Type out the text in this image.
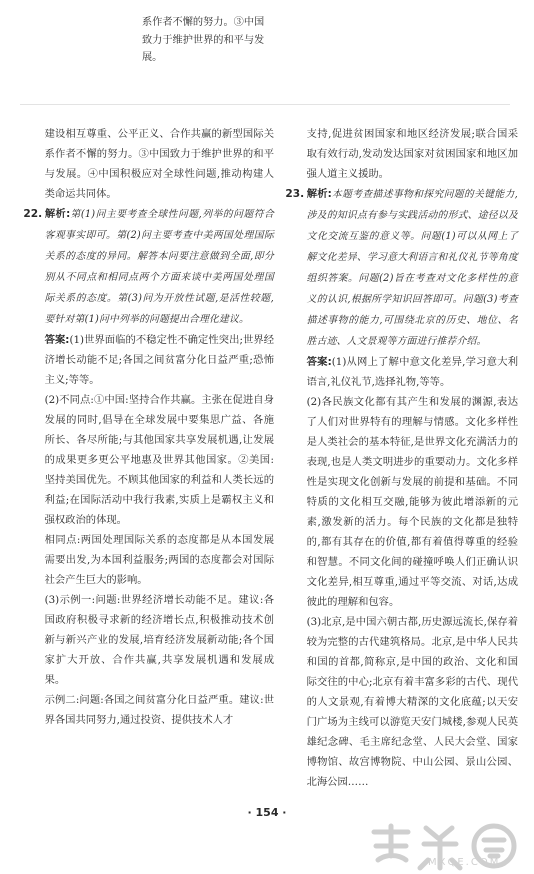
系作者不懈的努力。③中国致力于维护世界的和平与发展。

建设相互尊重、公平正义、合作共赢的新型国际关系作者不懈的努力。③中国致力于维护世界的和平与发展。④中国积极应对全球性问题,推动构建人类命运共同体。

22. 解析:第(1)问主要考查全球性问题,列举的问题符合客观事实即可。第(2)问主要考查中美两国处理国际关系的态度的异同。解答本问要注意做到全面,即分别从不同点和相同点两个方面来谈中美两国处理国际关系的态度。第(3)问为开放性试题,是活性较题,要针对第(1)问中列举的问题提出合理化建议。

答案:(1)世界面临的不稳定性不确定性突出;世界经济增长动能不足;各国之间贫富分化日益严重;恐怖主义;等等。

(2)不同点:①中国:坚持合作共赢。主张在促进自身发展的同时,倡导在全球发展中要集思广益、各施所长、各尽所能;与其他国家共享发展机遇,让发展的成果更多更公平地惠及世界其他国家。②美国:坚持美国优先。不顾其他国家的利益和人类长远的利益;在国际活动中我行我素,实质上是霸权主义和强权政治的体现。

相同点:两国处理国际关系的态度都是从本国发展需要出发,为本国利益服务;两国的态度都会对国际社会产生巨大的影响。

(3)示例一:问题:世界经济增长动能不足。建议:各国政府积极寻求新的经济增长点,积极推动技术创新与新兴产业的发展,培育经济发展新动能;各个国家扩大开放、合作共赢,共享发展机遇和发展成果。

示例二:问题:各国之间贫富分化日益严重。建议:世界各国共同努力,通过投资、提供技术人才

支持,促进贫困国家和地区经济发展;联合国采取有效行动,发动发达国家对贫困国家和地区加强人道主义援助。

23. 解析:本题考查描述事物和探究问题的关键能力,涉及的知识点有参与实践活动的形式、途径以及文化交流互鉴的意义等。问题(1)可以从网上了解文化差异、学习意大利语言和礼仪礼节等角度组织答案。问题(2)旨在考查对文化多样性的意义的认识,根据所学知识回答即可。问题(3)考查描述事物的能力,可围绕北京的历史、地位、名胜古迹、人文景观等方面进行推荐介绍。

答案:(1)从网上了解中意文化差异,学习意大利语言,礼仪礼节,选择礼物,等等。

(2)各民族文化都有其产生和发展的渊源,表达了人们对世界特有的理解与情感。文化多样性是人类社会的基本特征,是世界文化充满活力的表现,也是人类文明进步的重要动力。文化多样性是实现文化创新与发展的前提和基础。不同特质的文化相互交融,能够为彼此增添新的元素,激发新的活力。每个民族的文化都是独特的,都有其存在的价值,都有着值得尊重的经验和智慧。不同文化间的碰撞呼唤人们正确认识文化差异,相互尊重,通过平等交流、对话,达成彼此的理解和包容。

(3)北京,是中国六朝古都,历史源远流长,保存着较为完整的古代建筑格局。北京,是中华人民共和国的首都,简称京,是中国的政治、文化和国际交往的中心;北京有着丰富多彩的古代、现代的人文景观,有着博大精深的文化底蕴;以天安门广场为主线可以游览天安门城楼,参观人民英雄纪念碑、毛主席纪念堂、人民大会堂、国家博物馆、故宫博物院、中山公园、景山公园、北海公园……

· 154 ·
MXQE.COM
